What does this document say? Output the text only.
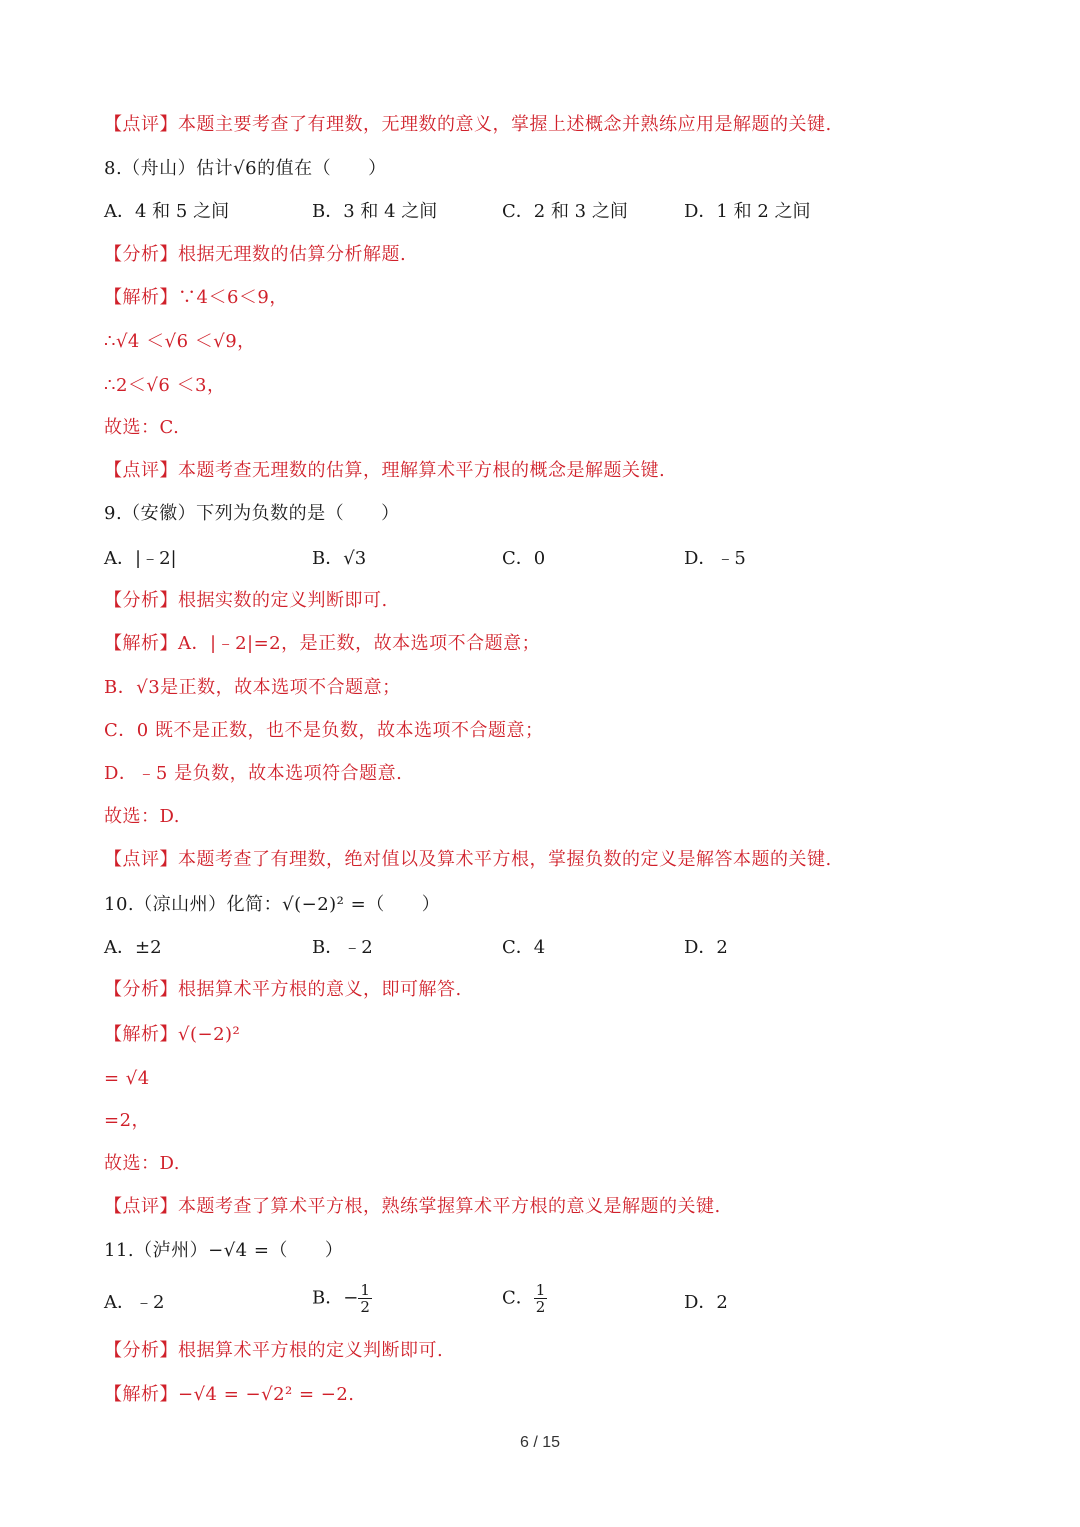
【点评】本题主要考查了有理数，无理数的意义，掌握上述概念并熟练应用是解题的关键.
8.（舟山）估计√6的值在（　　）
A．4 和 5 之间	B．3 和 4 之间	C．2 和 3 之间	D．1 和 2 之间
【分析】根据无理数的估算分析解题.
【解析】∵4＜6＜9，
∴√4 ＜√6 ＜√9，
∴2＜√6 ＜3，
故选：C.
【点评】本题考查无理数的估算，理解算术平方根的概念是解题关键.
9.（安徽）下列为负数的是（　　）
A．|﹣2|	B．√3	C．0	D．﹣5
【分析】根据实数的定义判断即可.
【解析】A．|﹣2|=2，是正数，故本选项不合题意；
B．√3是正数，故本选项不合题意；
C．0 既不是正数，也不是负数，故本选项不合题意；
D．﹣5 是负数，故本选项符合题意.
故选：D.
【点评】本题考查了有理数，绝对值以及算术平方根，掌握负数的定义是解答本题的关键.
10.（凉山州）化简：√(−2)² =（　　）
A．±2	B．﹣2	C．4	D．2
【分析】根据算术平方根的意义，即可解答.
【解析】√(−2)²
= √4
=2，
故选：D.
【点评】本题考查了算术平方根，熟练掌握算术平方根的意义是解题的关键.
11.（泸州）−√4 =（　　）
A．﹣2	B．− $\frac{1}{2}$	C． $\frac{1}{2}$	D．2
【分析】根据算术平方根的定义判断即可.
【解析】−√4 = −√2² = −2.
6 / 15
